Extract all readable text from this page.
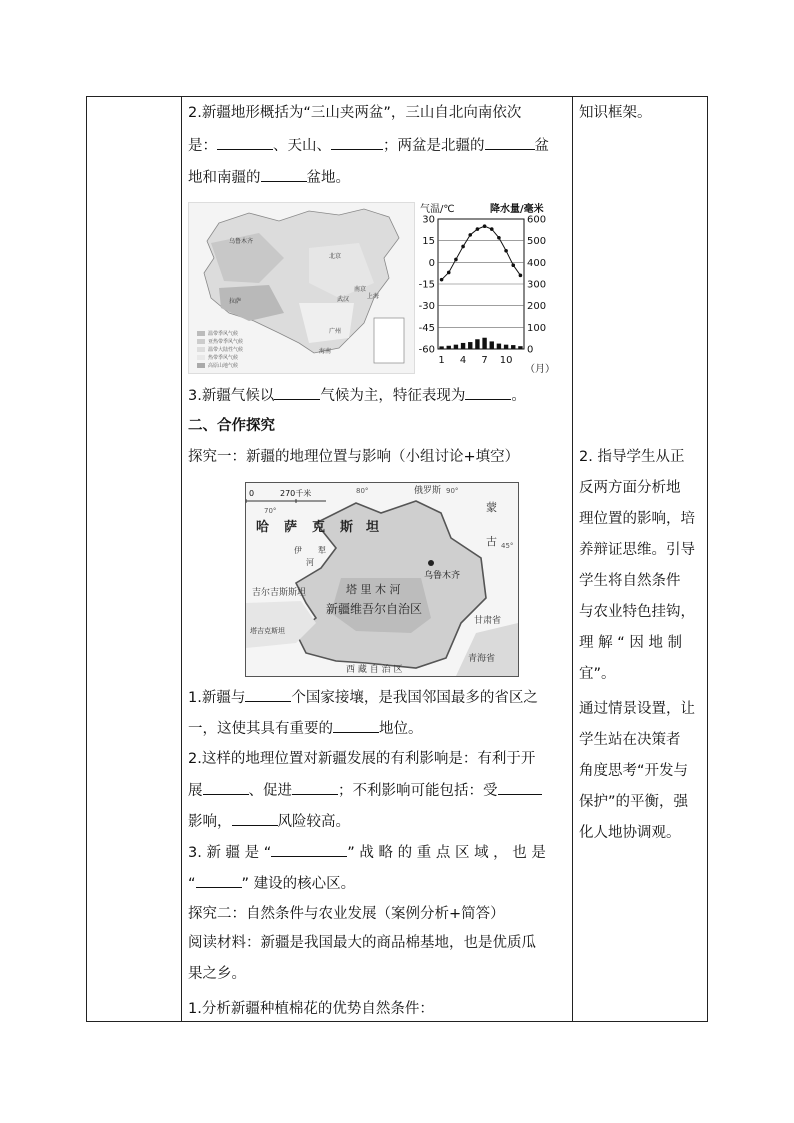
2.新疆地形概括为“三山夹两盆”，三山自北向南依次
是：	、天山、	；两盆是北疆的	盆
地和南疆的	盆地。
温带季风气候
亚热带季风气候
温带大陆性气候
热带季风气候
高原山地气候
乌鲁木齐
北京
拉萨	武汉
南京
上海
广州
海南
气温/℃	降水量/毫米
30
15
0
-15
-30
-45
-60
600
500
400
300
200
100
0
1 4 7 10
（月）
3.新疆气候以	气候为主，特征表现为	。
二、合作探究
探究一：新疆的地理位置与影响（小组讨论+填空）
0	270千米
70°
80°	90°
45°
俄罗斯
蒙
古
哈 萨 克 斯 坦
吉尔吉斯斯坦
塔吉克斯坦
伊 犁
河
乌鲁木齐
塔 里 木 河
新疆维吾尔自治区
甘肃省
青海省
西 藏 自 治 区
1.新疆与	个国家接壤，是我国邻国最多的省区之
一，这使其具有重要的	地位。
2.这样的地理位置对新疆发展的有利影响是：有利于开
展	、促进	；不利影响可能包括：受
影响，	风险较高。
3. 新 疆 是 “	” 战 略 的 重 点 区 域 ， 也 是
“	” 建设的核心区。
探究二：自然条件与农业发展（案例分析+简答）
阅读材料：新疆是我国最大的商品棉基地，也是优质瓜
果之乡。
1.分析新疆种植棉花的优势自然条件：
知识框架。
2. 指导学生从正
反两方面分析地
理位置的影响，培
养辩证思维。引导
学生将自然条件
与农业特色挂钩，
理 解 “ 因 地 制
宜”。
通过情景设置，让
学生站在决策者
角度思考“开发与
保护”的平衡，强
化人地协调观。
